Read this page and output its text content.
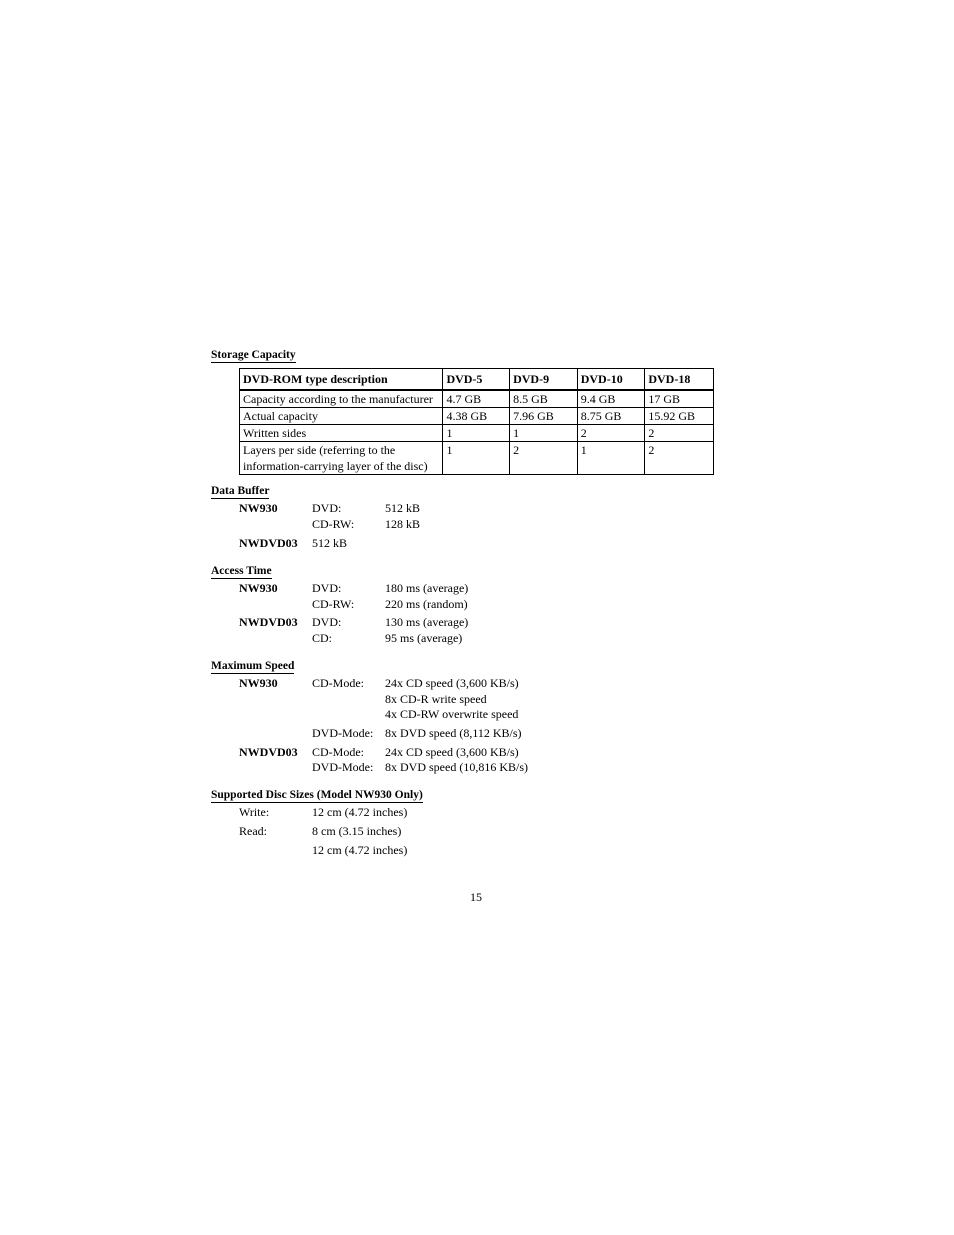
Storage Capacity
DVD-ROM type description	DVD-5	DVD-9	DVD-10	DVD-18
Capacity according to the manufacturer	4.7 GB	8.5 GB	9.4 GB	17 GB
Actual capacity	4.38 GB	7.96 GB	8.75 GB	15.92 GB
Written sides	1	1	2	2
Layers per side (referring to the information-carrying layer of the disc)	1	2	1	2
Data Buffer
NW930	DVD:	512 kB
CD-RW:	128 kB
NWDVD03 512 kB
Access Time
NW930	DVD:	180 ms (average)
CD-RW:	220 ms (random)
NWDVD03 DVD:	130 ms (average)
CD:	95 ms (average)
Maximum Speed
NW930	CD-Mode: 24x CD speed (3,600 KB/s)
8x CD-R write speed
4x CD-RW overwrite speed
DVD-Mode: 8x DVD speed (8,112 KB/s)
NWDVD03 CD-Mode: 24x CD speed (3,600 KB/s)
DVD-Mode: 8x DVD speed (10,816 KB/s)
Supported Disc Sizes (Model NW930 Only)
Write:	12 cm (4.72 inches)
Read:	8 cm (3.15 inches)
12 cm (4.72 inches)
15
